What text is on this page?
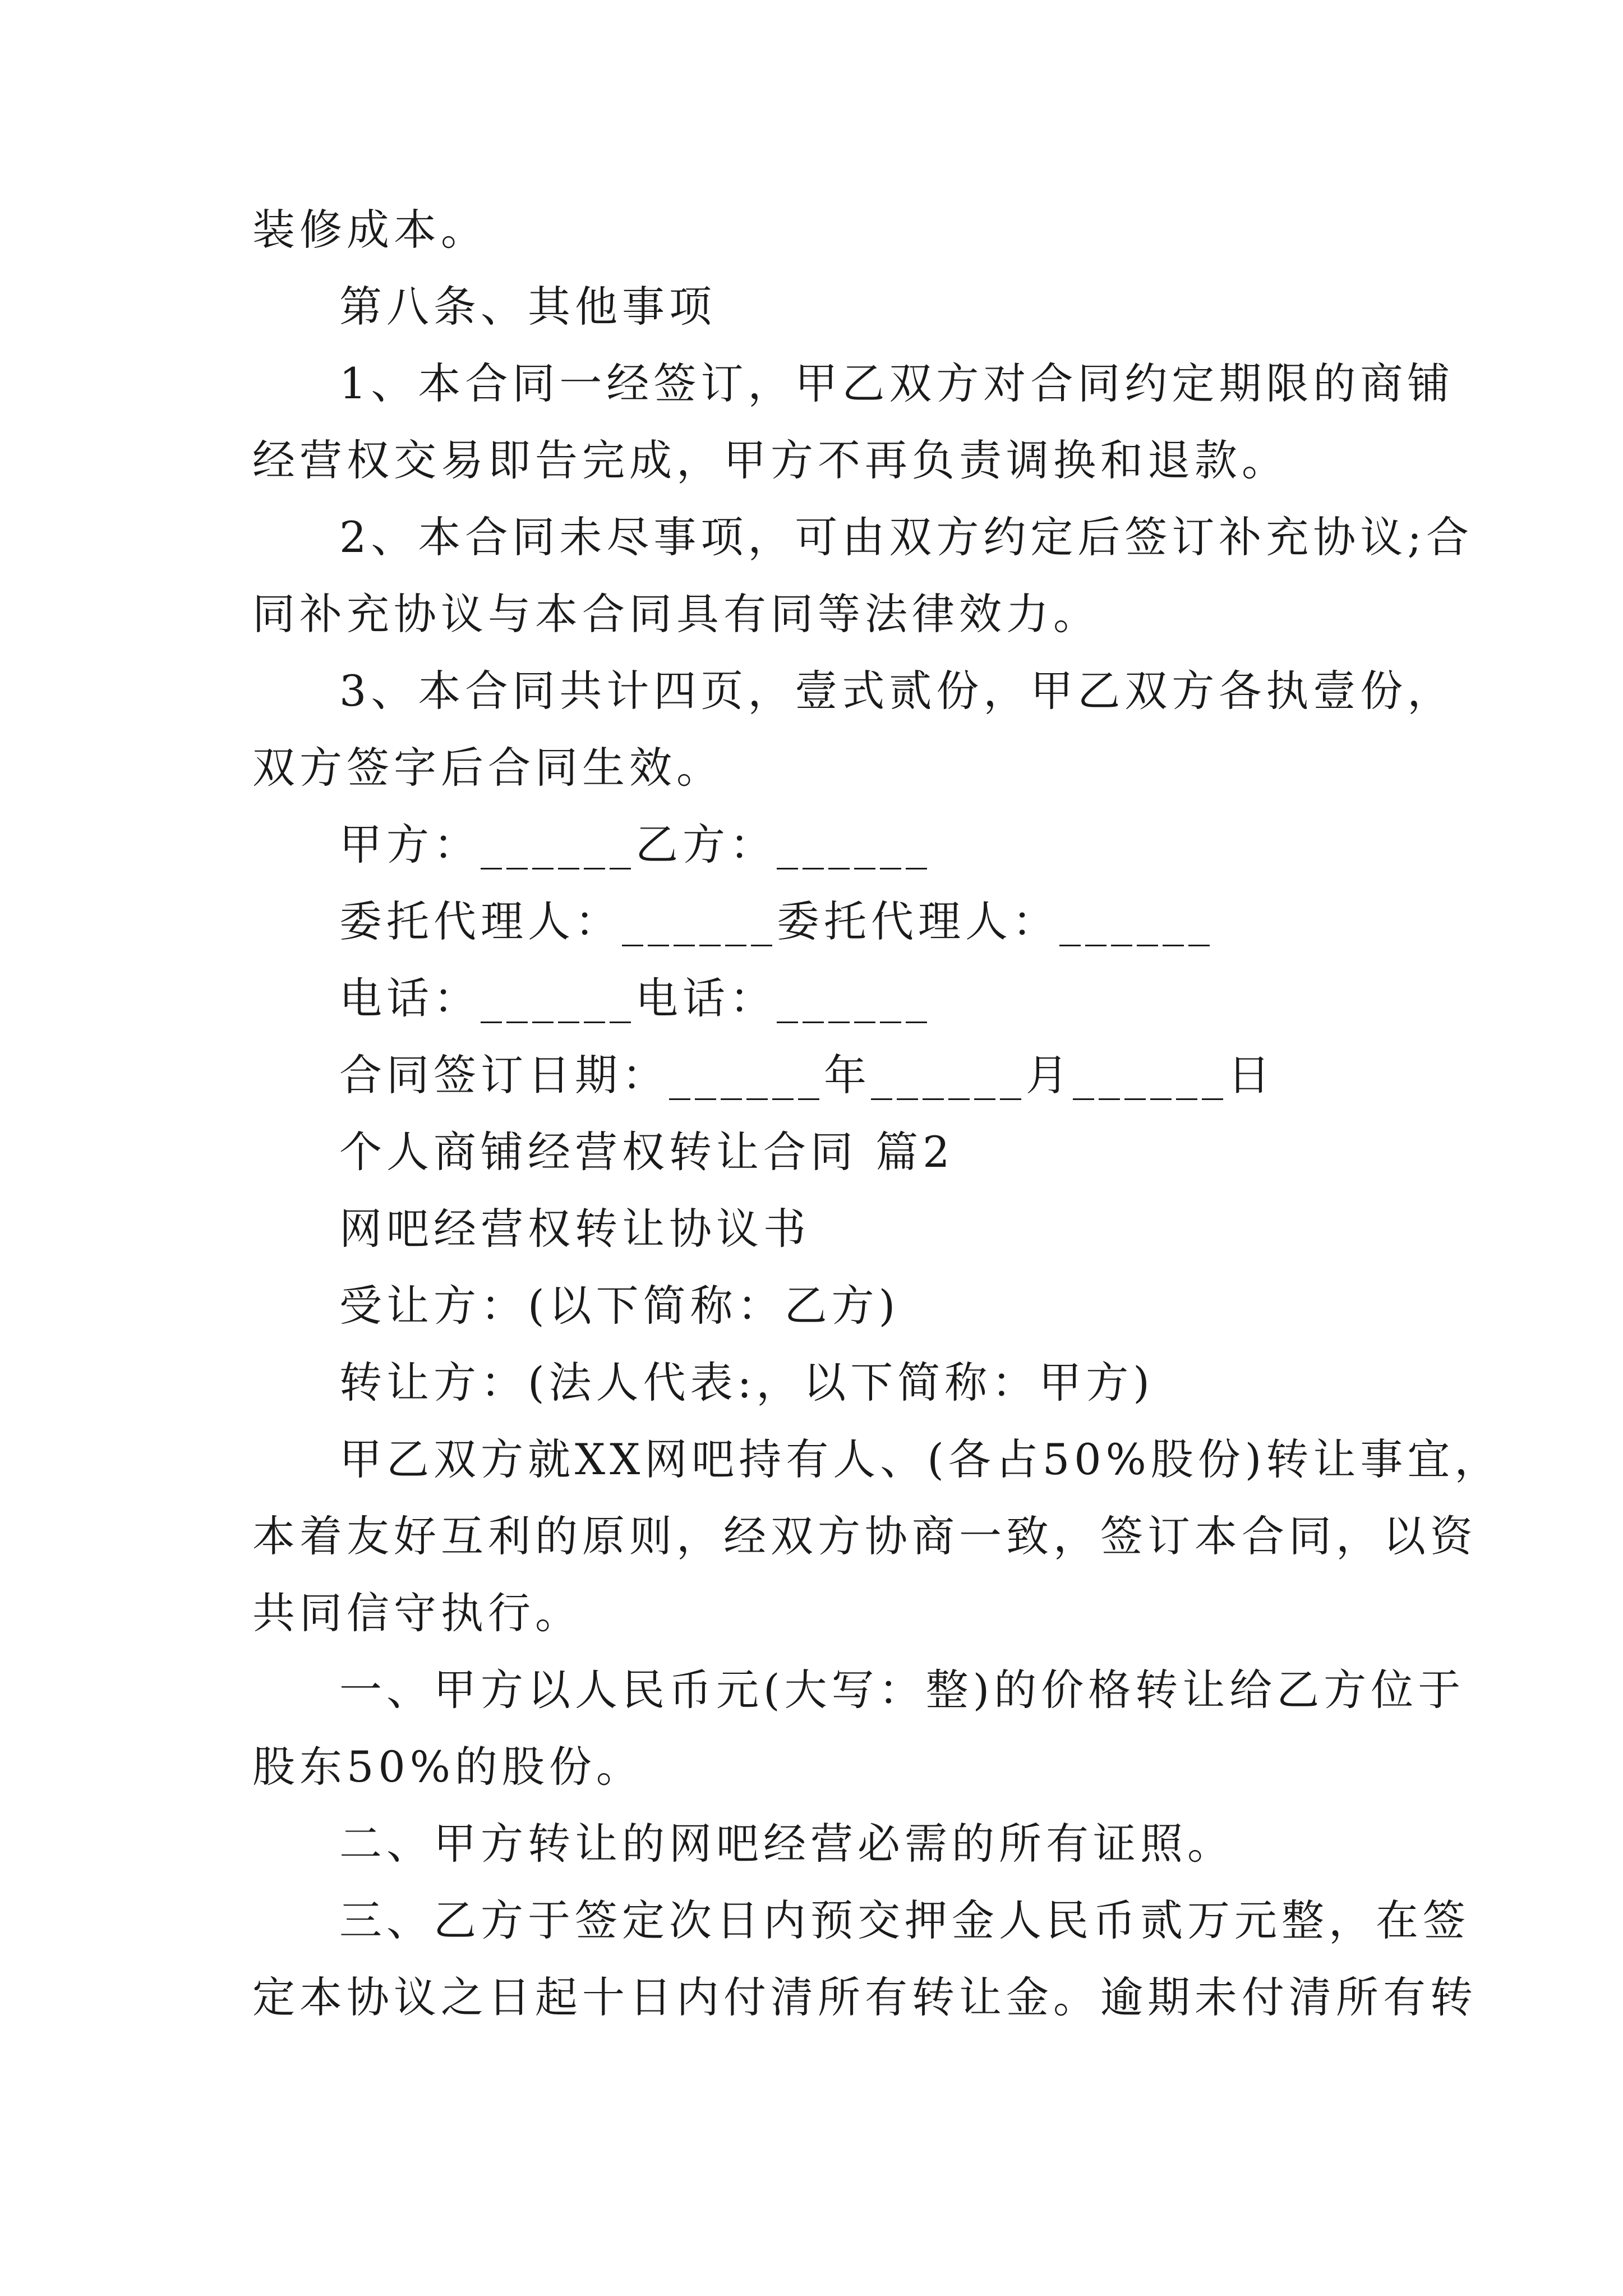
装修成本。
第八条、其他事项
1、本合同一经签订，甲乙双方对合同约定期限的商铺
经营权交易即告完成，甲方不再负责调换和退款。
2、本合同未尽事项，可由双方约定后签订补充协议;合
同补充协议与本合同具有同等法律效力。
3、本合同共计四页，壹式贰份，甲乙双方各执壹份，
双方签字后合同生效。
甲方：______乙方：______
委托代理人：______委托代理人：______
电话：______电话：______
合同签订日期：______年______月______日
个人商铺经营权转让合同 篇2
网吧经营权转让协议书
受让方：(以下简称：乙方)
转让方：(法人代表:，以下简称：甲方)
甲乙双方就XX网吧持有人、(各占50%股份)转让事宜，
本着友好互利的原则，经双方协商一致，签订本合同，以资
共同信守执行。
一、甲方以人民币元(大写：整)的价格转让给乙方位于
股东50%的股份。
二、甲方转让的网吧经营必需的所有证照。
三、乙方于签定次日内预交押金人民币贰万元整，在签
定本协议之日起十日内付清所有转让金。逾期未付清所有转
